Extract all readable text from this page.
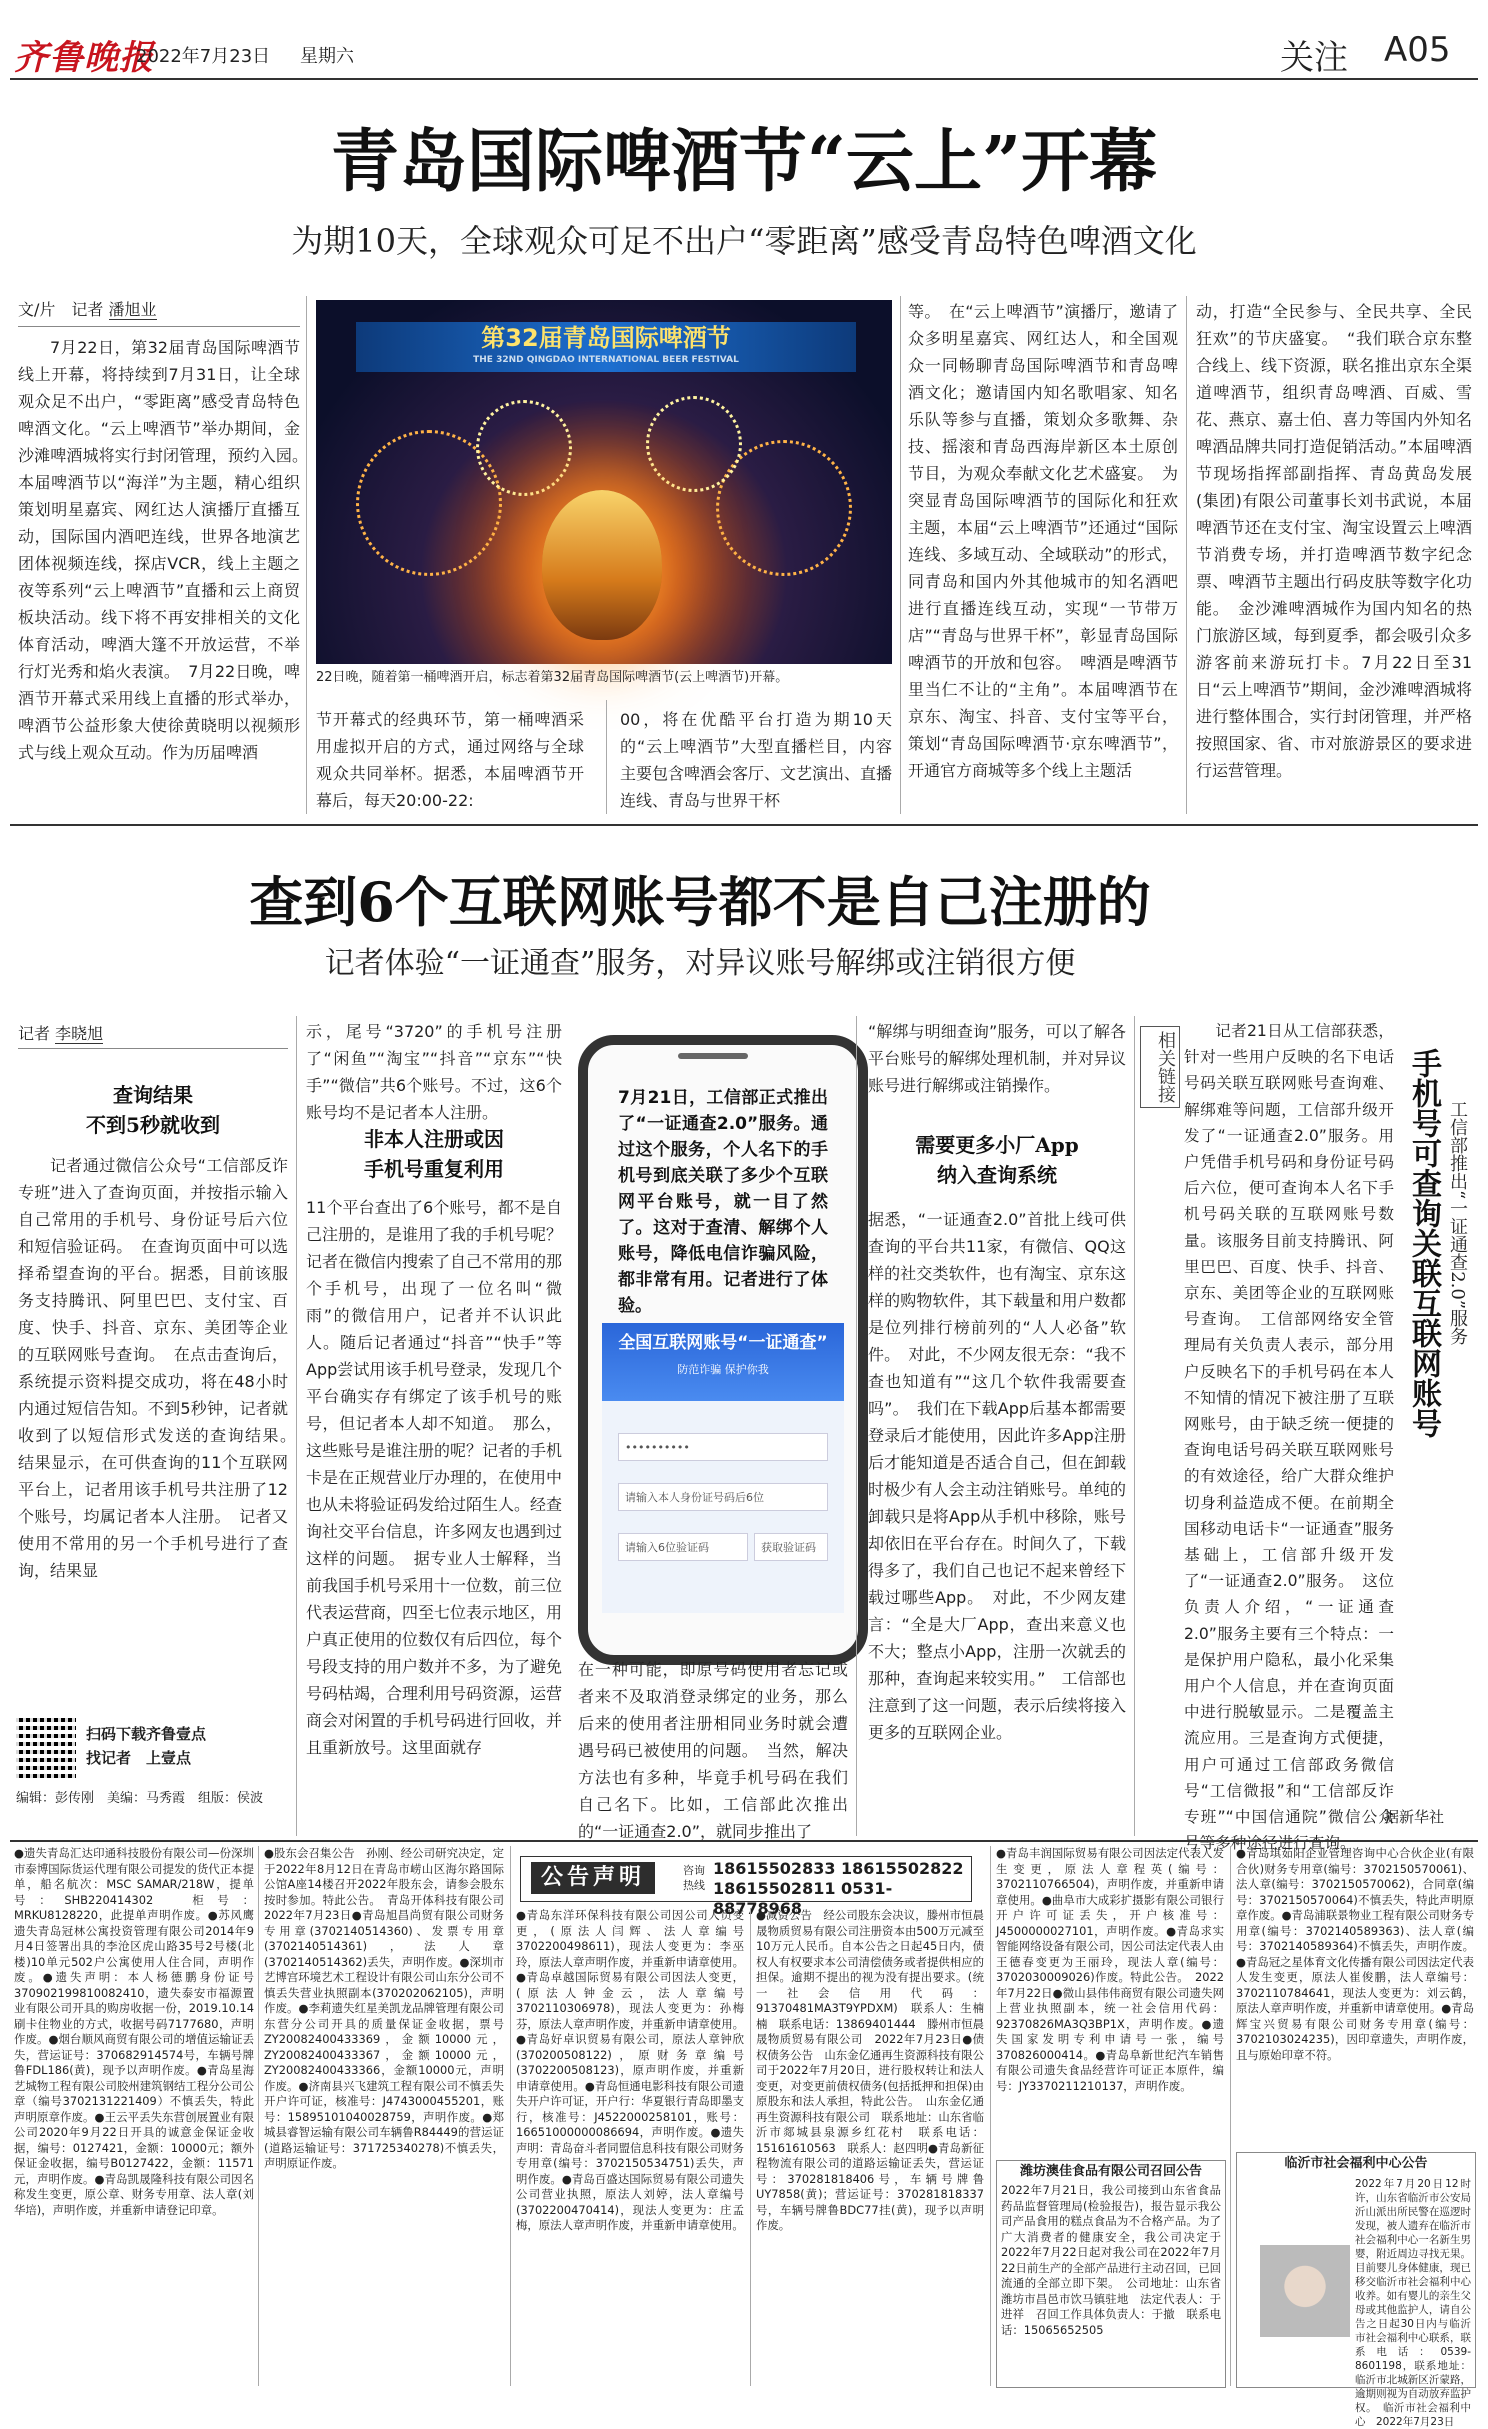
齐鲁晚报
2022年7月23日 星期六	关注 A05
青岛国际啤酒节“云上”开幕
为期10天，全球观众可足不出户“零距离”感受青岛特色啤酒文化
文/片　记者 潘旭业

7月22日，第32届青岛国际啤酒节线上开幕，将持续到7月31日，让全球观众足不出户，“零距离”感受青岛特色啤酒文化。“云上啤酒节”举办期间，金沙滩啤酒城将实行封闭管理，预约入园。　本届啤酒节以“海洋”为主题，精心组织策划明星嘉宾、网红达人演播厅直播互动，国际国内酒吧连线，世界各地演艺团体视频连线，探店VCR，线上主题之夜等系列“云上啤酒节”直播和云上商贸板块活动。线下将不再安排相关的文化体育活动，啤酒大篷不开放运营，不举行灯光秀和焰火表演。　7月22日晚，啤酒节开幕式采用线上直播的形式举办，啤酒节公益形象大使徐黄晓明以视频形式与线上观众互动。作为历届啤酒

第32届青岛国际啤酒节
THE 32ND QINGDAO INTERNATIONAL BEER FESTIVAL
22日晚，随着第一桶啤酒开启，标志着第32届青岛国际啤酒节(云上啤酒节)开幕。

节开幕式的经典环节，第一桶啤酒采用虚拟开启的方式，通过网络与全球观众共同举杯。据悉，本届啤酒节开幕后，每天20:00-22:

00，将在优酷平台打造为期10天的“云上啤酒节”大型直播栏目，内容主要包含啤酒会客厅、文艺演出、直播连线、青岛与世界干杯

等。　在“云上啤酒节”演播厅，邀请了众多明星嘉宾、网红达人，和全国观众一同畅聊青岛国际啤酒节和青岛啤酒文化；邀请国内知名歌唱家、知名乐队等参与直播，策划众多歌舞、杂技、摇滚和青岛西海岸新区本土原创节目，为观众奉献文化艺术盛宴。　为突显青岛国际啤酒节的国际化和狂欢主题，本届“云上啤酒节”还通过“国际连线、多域互动、全域联动”的形式，同青岛和国内外其他城市的知名酒吧进行直播连线互动，实现“一节带万店”“青岛与世界干杯”，彰显青岛国际啤酒节的开放和包容。　啤酒是啤酒节里当仁不让的“主角”。本届啤酒节在京东、淘宝、抖音、支付宝等平台，策划“青岛国际啤酒节·京东啤酒节”，开通官方商城等多个线上主题活

动，打造“全民参与、全民共享、全民狂欢”的节庆盛宴。　“我们联合京东整合线上、线下资源，联名推出京东全渠道啤酒节，组织青岛啤酒、百威、雪花、燕京、嘉士伯、喜力等国内外知名啤酒品牌共同打造促销活动。”本届啤酒节现场指挥部副指挥、青岛黄岛发展(集团)有限公司董事长刘书武说，本届啤酒节还在支付宝、淘宝设置云上啤酒节消费专场，并打造啤酒节数字纪念票、啤酒节主题出行码皮肤等数字化功能。　金沙滩啤酒城作为国内知名的热门旅游区域，每到夏季，都会吸引众多游客前来游玩打卡。7月22日至31日“云上啤酒节”期间，金沙滩啤酒城将进行整体围合，实行封闭管理，并严格按照国家、省、市对旅游景区的要求进行运营管理。

查到6个互联网账号都不是自己注册的
记者体验“一证通查”服务，对异议账号解绑或注销很方便
记者 李晓旭
查询结果
不到5秒就收到

记者通过微信公众号“工信部反诈专班”进入了查询页面，并按指示输入自己常用的手机号、身份证号后六位和短信验证码。　在查询页面中可以选择希望查询的平台。据悉，目前该服务支持腾讯、阿里巴巴、支付宝、百度、快手、抖音、京东、美团等企业的互联网账号查询。　在点击查询后，系统提示资料提交成功，将在48小时内通过短信告知。不到5秒钟，记者就收到了以短信形式发送的查询结果。　结果显示，在可供查询的11个互联网平台上，记者用该手机号共注册了12个账号，均属记者本人注册。　记者又使用不常用的另一个手机号进行了查询，结果显

示，尾号“3720”的手机号注册了“闲鱼”“淘宝”“抖音”“京东”“快手”“微信”共6个账号。不过，这6个账号均不是记者本人注册。

非本人注册或因
手机号重复利用

11个平台查出了6个账号，都不是自己注册的，是谁用了我的手机号呢？　记者在微信内搜索了自己不常用的那个手机号，出现了一位名叫“微雨”的微信用户，记者并不认识此人。随后记者通过“抖音”“快手”等App尝试用该手机号登录，发现几个平台确实存有绑定了该手机号的账号，但记者本人却不知道。　那么，这些账号是谁注册的呢？记者的手机卡是在正规营业厅办理的，在使用中也从未将验证码发给过陌生人。经查询社交平台信息，许多网友也遇到过这样的问题。　据专业人士解释，当前我国手机号采用十一位数，前三位代表运营商，四至七位表示地区，用户真正使用的位数仅有后四位，每个号段支持的用户数并不多，为了避免号码枯竭，合理利用号码资源，运营商会对闲置的手机号码进行回收，并且重新放号。这里面就存

7月21日，工信部正式推出了“一证通查2.0”服务。通过这个服务，个人名下的手机号到底关联了多少个互联网平台账号，就一目了然了。这对于查清、解绑个人账号，降低电信诈骗风险，都非常有用。记者进行了体验。
全国互联网账号“一证通查”
防范诈骗 保护你我
••••••••••
请输入本人身份证号码后6位
请输入6位验证码	获取验证码

在一种可能，即原号码使用者忘记或者来不及取消登录绑定的业务，那么后来的使用者注册相同业务时就会遭遇号码已被使用的问题。　当然，解决方法也有多种，毕竟手机号码在我们自己名下。比如，工信部此次推出的“一证通查2.0”，就同步推出了

“解绑与明细查询”服务，可以了解各平台账号的解绑处理机制，并对异议账号进行解绑或注销操作。

需要更多小厂App
纳入查询系统

据悉，“一证通查2.0”首批上线可供查询的平台共11家，有微信、QQ这样的社交类软件，也有淘宝、京东这样的购物软件，其下载量和用户数都是位列排行榜前列的“人人必备”软件。　对此，不少网友很无奈：“我不查也知道有”“这几个软件我需要查吗”。　我们在下载App后基本都需要登录后才能使用，因此许多App注册后才能知道是否适合自己，但在卸载时极少有人会主动注销账号。单纯的卸载只是将App从手机中移除，账号却依旧在平台存在。时间久了，下载得多了，我们自己也记不起来曾经下载过哪些App。　对此，不少网友建言：“全是大厂App，查出来意义也不大；整点小App，注册一次就丢的那种，查询起来较实用。”　工信部也注意到了这一问题，表示后续将接入更多的互联网企业。

扫码下载齐鲁壹点
找记者　上壹点
编辑：彭传刚　美编：马秀霞　组版：侯波
相关链接	手机号可查询关联互联网账号 工信部推出“一证通查2.0”服务

记者21日从工信部获悉，针对一些用户反映的名下电话号码关联互联网账号查询难、解绑难等问题，工信部升级开发了“一证通查2.0”服务。用户凭借手机号码和身份证号码后六位，便可查询本人名下手机号码关联的互联网账号数量。该服务目前支持腾讯、阿里巴巴、百度、快手、抖音、京东、美团等企业的互联网账号查询。　工信部网络安全管理局有关负责人表示，部分用户反映名下的手机号码在本人不知情的情况下被注册了互联网账号，由于缺乏统一便捷的查询电话号码关联互联网账号的有效途径，给广大群众维护切身利益造成不便。在前期全国移动电话卡“一证通查”服务基础上，工信部升级开发了“一证通查2.0”服务。　这位负责人介绍，“一证通查2.0”服务主要有三个特点：一是保护用户隐私，最小化采集用户个人信息，并在查询页面中进行脱敏显示。二是覆盖主流应用。三是查询方式便捷，用户可通过工信部政务微信号“工信微报”和“工信部反诈专班”“中国信通院”微信公众号等多种途径进行查询。

据新华社
公告声明	咨询热线
18615502833 18615502822
18615502811 0531-88778968
●遗失青岛汇达印通科技股份有限公司—份深圳市泰博国际货运代理有限公司提发的货代正本提单，船名航次：MSC SAMAR/218W，提单号：SHB220414302　柜号：MRKU8128220，此提单声明作废。●苏风鹰遗失青岛冠林公寓投资管理有限公司2014年9月4日签署出具的李沧区虎山路35号2号楼(北楼)10单元502户公寓使用人住合同，声明作废。●遗失声明：本人杨德鹏身份证号370902199810082410，遗失泰安市福源置业有限公司开具的购房收据一份，2019.10.14刷卡住物业的方式，收据号码7177680，声明作废。●烟台顺风商贸有限公司的增值运输证丢失，营运证号：370682914574号，车辆号牌鲁FDL186(黄)，现予以声明作废。●青岛星海艺城物工程有限公司胶州建筑钢结工程分公司公章（编号3702131221409）不慎丢失，特此声明原章作废。●王云平丢失东营创展置业有限公司2020年9月22日开具的诚意金保证金收据，编号：0127421，金额：10000元；额外保证金收据，编号B0127422，金额：11571元，声明作废。●青岛凯晟隆科技有限公司因名称发生变更，原公章、财务专用章、法人章(刘华培)，声明作废，并重新申请登记印章。
●股东会召集公告　孙刚、经公司研究决定，定于2022年8月12日在青岛市崂山区海尔路国际公馆A座14楼召开2022年股东会，请参会股东按时参加。特此公告。　青岛开体科技有限公司　2022年7月23日●青岛旭昌尚贸有限公司财务专用章(3702140514360)、发票专用章(3702140514361)，法人章(3702140514362)丢失，声明作废。●深圳市艺博宫环境艺术工程设计有限公司山东分公司不慎丢失营业执照副本(370202062105)，声明作废。●李莉遗失红星美凯龙品牌管理有限公司东营分公司开具的质量保证金收据，票号ZY20082400433369，金额10000元，ZY20082400433367，金额10000元，ZY20082400433366，金额10000元，声明作废。●济南县兴飞建筑工程有限公司不慎丢失开户许可证，核准号：J4743000455201，账号：15895101040028759，声明作废。●郑城县睿智运输有限公司车辆鲁R84449的营运证(道路运输证号：371725340278)不慎丢失，声明原证作废。
●青岛东洋环保科技有限公司因公司人员变更，(原法人闫辉、法人章编号3702200498611)，现法人变更为：李巫玲，原法人章声明作废，并重新申请章使用。●青岛卓越国际贸易有限公司因法人变更，(原法人钟金云，法人章编号3702110306978)，现法人变更为：孙梅芬，原法人章声明作废，并重新申请章使用。●青岛好卓识贸易有限公司，原法人章钟欣(370200508122)，原财务章编号(3702200508123)，原声明作废，并重新申请章使用。●青岛恒通电影科技有限公司遗失开户许可证，开户行：华夏银行青岛即墨支行，核准号：J4522000258101，账号：16651000000086694，声明作废。●遗失声明：青岛奋斗者同盟信息科技有限公司财务专用章(编号：3702150534751)丢失，声明作废。●青岛百盛达国际贸易有限公司遗失公司营业执照，原法人刘婷，法人章编号(3702200470414)，现法人变更为：庄孟梅，原法人章声明作废，并重新申请章使用。
●减资公告　经公司股东会决议，滕州市恒晨晟物质贸易有限公司注册资本由500万元减至10万元人民币。自本公告之日起45日内，债权人有权要求本公司清偿债务或者提供相应的担保。逾期不提出的视为没有提出要求。(统一社会信用代码：91370481MA3T9YPDXM)　联系人：生楠楠　联系电话：13869401444　滕州市恒晨晟物质贸易有限公司　2022年7月23日●债权债务公告　山东金亿通再生资源科技有限公司于2022年7月20日，进行股权转让和法人变更，对变更前债权债务(包括抵押和担保)由原股东和法人承担，特此公告。　山东金亿通再生资源科技有限公司　联系地址：山东省临沂市郯城县泉源乡红花村　联系电话：15161610563　联系人：赵四明●青岛新征程物流有限公司的道路运输证丢失，营运证号：370281818406号，车辆号牌鲁UY7858(黄)；营运证号：370281818337号，车辆号牌鲁BDC77挂(黄)，现予以声明作废。
●青岛丰润国际贸易有限公司因法定代表人发生变更，原法人章程英(编号：3702110766504)，声明作废，并重新申请章使用。●曲阜市大成彩扩摄影有限公司银行开户许可证丢失，开户核准号：J4500000027101，声明作废。●青岛求实智能网络设备有限公司，因公司法定代表人由王德春变更为王丽玲，现法人章(编号：3702030009026)作废。特此公告。　2022年7月22日●微山县伟伟商贸有限公司遗失网上营业执照副本，统一社会信用代码：92370826MA3Q3BP1X，声明作废。●遗失国家发明专利申请号一张，编号370826000414。●青岛阜新世纪汽车销售有限公司遗失食品经营许可证正本原件，编号：JY3370211210137，声明作废。
●青岛琪茹阳企业管理咨询中心合伙企业(有限合伙)财务专用章(编号：3702150570061)、法人章(编号：3702150570062)，合同章(编号：3702150570064)不慎丢失，特此声明原章作废。●青岛浦联景物业工程有限公司财务专用章(编号：3702140589363)、法人章(编号：3702140589364)不慎丢失，声明作废。●青岛冠之星体育文化传播有限公司因法定代表人发生变更，原法人崔俊鹏，法人章编号：3702110784641，现法人变更为：刘云鹤，原法人章声明作废，并重新申请章使用。●青岛辉宝兴贸易有限公司财务专用章(编号：3702103024235)，因印章遗失，声明作废，且与原始印章不符。
潍坊澳佳食品有限公司召回公告
2022年7月21日，我公司接到山东省食品药品监督管理局(检验报告)，报告显示我公司产品食用的糕点食品为不合格产品。为了广大消费者的健康安全，我公司决定于2022年7月22日起对我公司在2022年7月22日前生产的全部产品进行主动召回，已回流通的全部立即下架。　公司地址：山东省潍坊市昌邑市饮马镇驻地　法定代表人：于进祥　召回工作具体负责人：于撤　联系电话：15065652505
临沂市社会福利中心公告
2022年7月20日12时许，山东省临沂市公安局沂山派出所民警在巡逻时发现，被人遗弃在临沂市社会福利中心一名新生男婴，附近周边寻找无果。目前婴儿身体健康，现已移交临沂市社会福利中心收养。如有婴儿的亲生父母或其他监护人，请自公告之日起30日内与临沂市社会福利中心联系，联系电话：0539-8601198，联系地址：临沂市北城新区沂蒙路，逾期则视为自动放弃监护权。　临沂市社会福利中心　2022年7月23日
